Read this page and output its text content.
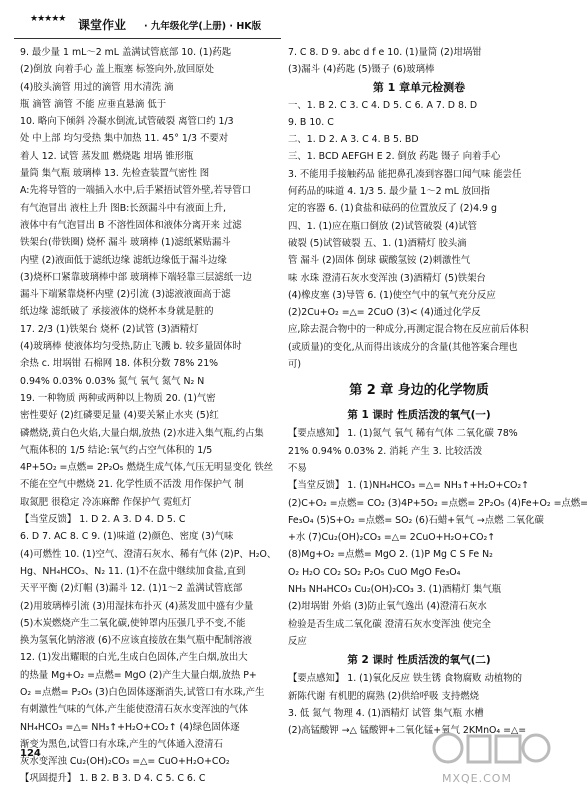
★★★★★ 课堂作业 · 九年级化学(上册) · HK版
9. 最少量 1 mL～2 mL 盖满试管底部 10. (1)药匙
(2)倒放 向着手心 盖上瓶塞 标签向外,放回原处
(4)胶头滴管 用过的滴管 用水清洗 滴
瓶 滴管 滴管 不能 应垂直悬滴 低于
10. 略向下倾斜 冷凝水倒流,试管破裂 离管口约 1/3
处 中上部 均匀受热 集中加热 11. 45° 1/3 不要对
着人 12. 试管 蒸发皿 燃烧匙 坩埚 锥形瓶
量筒 集气瓶 玻璃棒 13. 先检查装置气密性 图
A:先将导管的一端插入水中,后手紧捂试管外壁,若导管口
有气泡冒出 液柱上升 图B:长颈漏斗中有液面上升,
液体中有气泡冒出 B 不溶性固体和液体分离开来 过滤
铁架台(带铁圈) 烧杯 漏斗 玻璃棒 (1)滤纸紧贴漏斗
内壁 (2)液面低于滤纸边缘 滤纸边缘低于漏斗边缘
(3)烧杯口紧靠玻璃棒中部 玻璃棒下端轻靠三层滤纸一边
漏斗下端紧靠烧杯内壁 (2)引流 (3)滤液液面高于滤
纸边缘 滤纸破了 承接液体的烧杯本身就是脏的
17. 2/3 (1)铁架台 烧杯 (2)试管 (3)酒精灯
(4)玻璃棒 使液体均匀受热,防止飞溅 b. 较多量固体时
余热 c. 坩埚钳 石棉网 18. 体积分数 78% 21%
0.94% 0.03% 0.03% 氮气 氧气 氮气 N₂ N
19. 一种物质 两种或两种以上物质 20. (1)气密
密性要好 (2)红磷要足量 (4)要关紧止水夹 (5)红
磷燃烧,黄白色火焰,大量白烟,放热 (2)水进入集气瓶,约占集
气瓶体积的 1/5 结论:氧气约占空气体积的 1/5
4P+5O₂ =点燃= 2P₂O₅ 燃烧生成气体,气压无明显变化 铁丝
不能在空气中燃烧 21. 化学性质不活泼 用作保护气 制
取氮肥 很稳定 冷冻麻醉 作保护气 霓虹灯
【当堂反馈】 1. D 2. A 3. D 4. D 5. C
6. D 7. AC 8. C 9. (1)味道 (2)颜色、密度 (3)气味
(4)可燃性 10. (1)空气、澄清石灰水、稀有气体 (2)P、H₂O、
Hg、NH₄HCO₃、N₂ 11. (1)不在盘中继续加食盐,直到
天平平衡 (2)灯帽 (3)漏斗 12. (1)1～2 盖满试管底部
(2)用玻璃棒引流 (3)用湿抹布扑灭 (4)蒸发皿中盛有少量
(5)木炭燃烧产生二氧化碳,使钟罩内压强几乎不变,不能
换为氢氧化钠溶液 (6)不应该直接放在集气瓶中配制溶液
12. (1)发出耀眼的白光,生成白色固体,产生白烟,放出大
的热量 Mg+O₂ =点燃= MgO (2)产生大量白烟,放热 P+
O₂ =点燃= P₂O₅ (3)白色固体逐渐消失,试管口有水珠,产生
有刺激性气味的气体,产生能使澄清石灰水变浑浊的气体
NH₄HCO₃ =△= NH₃↑+H₂O+CO₂↑ (4)绿色固体逐
渐变为黑色,试管口有水珠,产生的气体通入澄清石
灰水变浑浊 Cu₂(OH)₂CO₃ =△= CuO+H₂O+CO₂
【巩固提升】 1. B 2. B 3. D 4. C 5. C 6. C
7. C 8. D 9. abc d f e 10. (1)量筒 (2)坩埚钳
(3)漏斗 (4)药匙 (5)镊子 (6)玻璃棒
第 1 章单元检测卷
一、1. B 2. C 3. C 4. D 5. C 6. A 7. D 8. D
9. B 10. C
二、1. D 2. A 3. C 4. B 5. BD
三、1. BCD AEFGH E 2. 倒放 药匙 镊子 向着手心
3. 不能用手接触药品 能把鼻孔凑到容器口闻气味 能尝任
何药品的味道 4. 1/3 5. 最少量 1～2 mL 放回指
定的容器 6. (1)食盐和砝码的位置放反了 (2)4.9 g
四、1. (1)应在瓶口倒放 (2)试管破裂 (4)试管
破裂 (5)试管破裂 五、1. (1)酒精灯 胶头滴
管 漏斗 (2)固体 倒球 碳酸氢铵 (2)刺激性气
味 水珠 澄清石灰水变浑浊 (3)酒精灯 (5)铁架台
(4)橡皮塞 (3)导管 6. (1)使空气中的氧气充分反应
(2)2Cu+O₂ =△= 2CuO (3)< (4)通过化学反
应,除去混合物中的一种成分,再测定混合物在反应前后体积
(或质量)的变化,从而得出该成分的含量(其他答案合理也
可)
第 2 章 身边的化学物质
第 1 课时 性质活泼的氧气(一)
【要点感知】 1. (1)氮气 氧气 稀有气体 二氧化碳 78%
21% 0.94% 0.03% 2. 消耗 产生 3. 比较活泼
不易
【当堂反馈】 1. (1)NH₄HCO₃ =△= NH₃↑+H₂O+CO₂↑
(2)C+O₂ =点燃= CO₂ (3)4P+5O₂ =点燃= 2P₂O₅ (4)Fe+O₂ =点燃=
Fe₃O₄ (5)S+O₂ =点燃= SO₂ (6)石蜡+氧气 →点燃 二氧化碳
+水 (7)Cu₂(OH)₂CO₃ =△= 2CuO+H₂O+CO₂↑
(8)Mg+O₂ =点燃= MgO 2. (1)P Mg C S Fe N₂
O₂ H₂O CO₂ SO₂ P₂O₅ CuO MgO Fe₃O₄
NH₃ NH₄HCO₃ Cu₂(OH)₂CO₃ 3. (1)酒精灯 集气瓶
(2)坩埚钳 外焰 (3)防止氧气逸出 (4)澄清石灰水
检验是否生成二氧化碳 澄清石灰水变浑浊 使完全
反应
第 2 课时 性质活泼的氧气(二)
【要点感知】 1. (1)氧化反应 铁生锈 食物腐败 动植物的
新陈代谢 有机肥的腐熟 (2)供给呼吸 支持燃烧
3. 低 氮气 物理 4. (1)酒精灯 试管 集气瓶 水槽
(2)高锰酸钾 →△ 锰酸钾+二氧化锰+氧气 2KMnO₄ =△=
124
MXQE.COM
